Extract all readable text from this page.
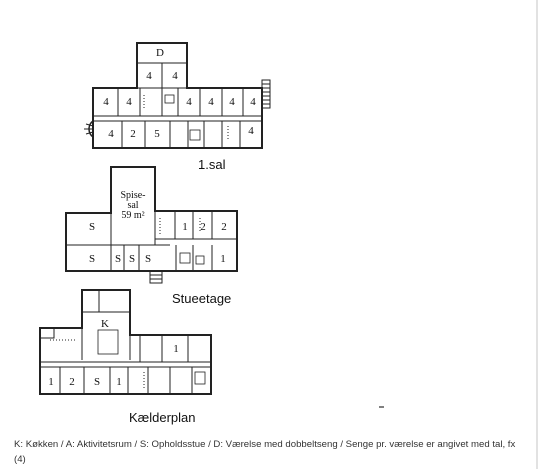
D
4 4
4 4	4 4 4 4
4 2 5	4
Spise-
sal
59 m²
S	1 2 2
S S S S	1
K
1
1 2 S 1
1.sal
Stueetage
Kælderplan
K: Køkken / A: Aktivitetsrum / S: Opholdsstue / D: Værelse med dobbeltseng / Senge pr. værelse er angivet med tal, fx (4)
